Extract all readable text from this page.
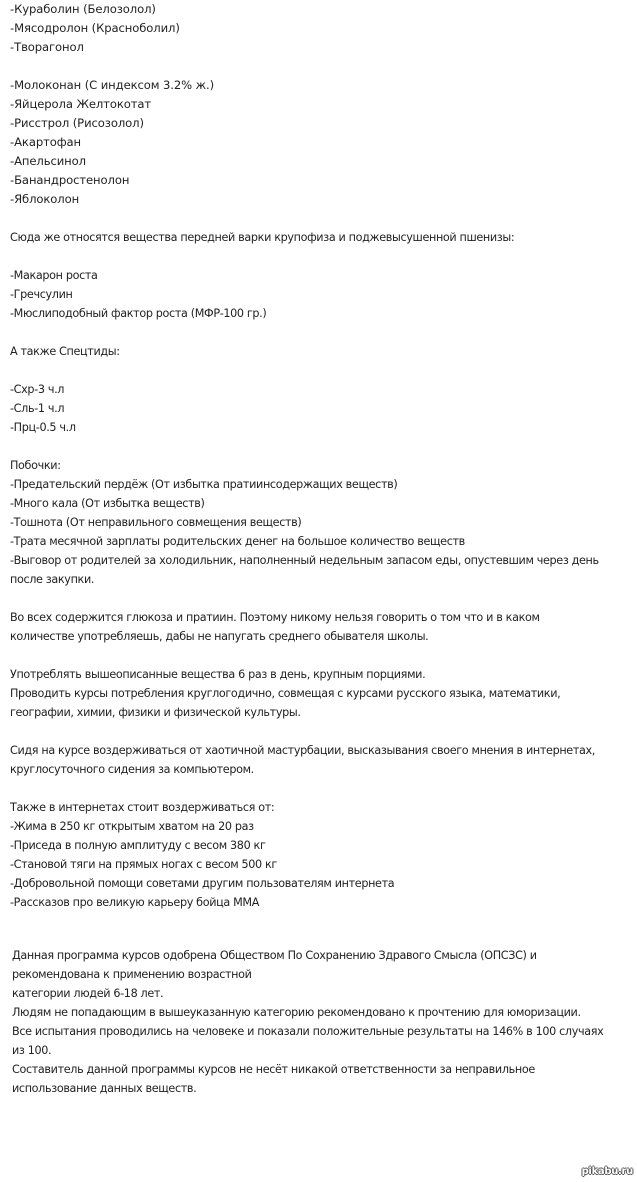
-Кураболин (Белозолол)
-Мясодролон (Красноболил)
-Творагонол
-Молоконан (С индексом 3.2% ж.)
-Яйцерола Желтокотат
-Рисстрол (Рисозолол)
-Акартофан
-Апельсинол
-Банандростенолон
-Яблоколон
Сюда же относятся вещества передней варки крупофиза и поджевысушенной пшенизы:
-Макарон роста
-Гречсулин
-Мюслиподобный фактор роста (МФР-100 гр.)
А также Спецтиды:
-Схр-3 ч.л
-Сль-1 ч.л
-Прц-0.5 ч.л
Побочки:
-Предательский пердёж (От избытка пратиинсодержащих веществ)
-Много кала (От избытка веществ)
-Тошнота (От неправильного совмещения веществ)
-Трата месячной зарплаты родительских денег на большое количество веществ
-Выговор от родителей за холодильник, наполненный недельным запасом еды, опустевшим через день
после закупки.
Во всех содержится глюкоза и пратиин. Поэтому никому нельзя говорить о том что и в каком
количестве употребляешь, дабы не напугать среднего обывателя школы.
Употреблять вышеописанные вещества 6 раз в день, крупным порциями.
Проводить курсы потребления круглогодично, совмещая с курсами русского языка, математики,
географии, химии, физики и физической культуры.
Сидя на курсе воздерживаться от хаотичной мастурбации, высказывания своего мнения в интернетах,
круглосуточного сидения за компьютером.
Также в интернетах стоит воздерживаться от:
-Жима в 250 кг открытым хватом на 20 раз
-Приседа в полную амплитуду с весом 380 кг
-Становой тяги на прямых ногах с весом 500 кг
-Добровольной помощи советами другим пользователям интернета
-Рассказов про великую карьеру бойца ММА
Данная программа курсов одобрена Обществом По Сохранению Здравого Смысла (ОПСЗС) и
рекомендована к применению возрастной
категории людей 6-18 лет.
Людям не попадающим в вышеуказанную категорию рекомендовано к прочтению для юморизации.
Все испытания проводились на человеке и показали положительные результаты на 146% в 100 случаях
из 100.
Составитель данной программы курсов не несёт никакой ответственности за неправильное
использование данных веществ.
pikabu.ru
